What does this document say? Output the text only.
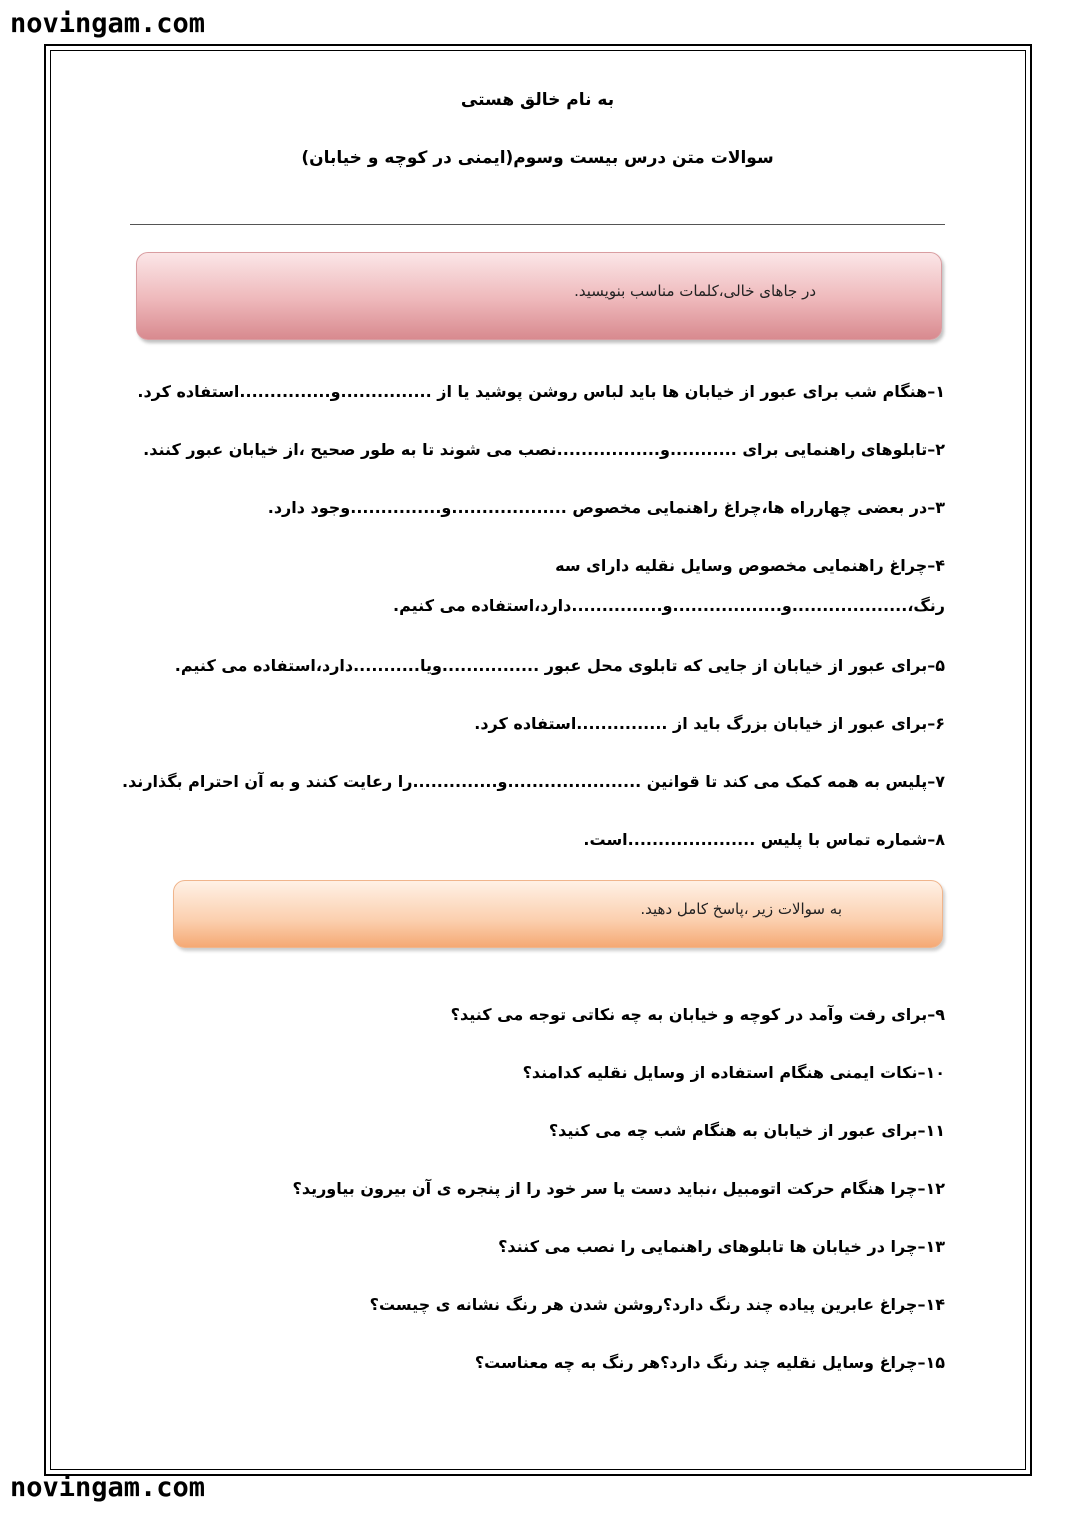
novingam.com
به نام خالق هستی
سوالات متن درس بیست وسوم(ایمنی در کوچه و خیابان)
در جاهای خالی،کلمات مناسب بنویسید.
۱–هنگام شب برای عبور از خیابان ها باید لباس روشن پوشید یا از ...............و...............استفاده کرد.
۲–تابلوهای راهنمایی برای ...........و.................نصب می شوند تا به طور صحیح ،از خیابان عبور کنند.
۳–در بعضی چهارراه ها،چراغ راهنمایی مخصوص ...................و...............وجود دارد.
۴–چراغ راهنمایی مخصوص وسایل نقلیه دارای سه رنگ،...................و..................و...............دارد،استفاده می کنیم.
۵–برای عبور از خیابان از جایی که تابلوی محل عبور ................ویا...........دارد،استفاده می کنیم.
۶–برای عبور از خیابان بزرگ باید از ...............استفاده کرد.
۷–پلیس به همه کمک می کند تا قوانین ......................و..............را رعایت کنند و به آن احترام بگذارند.
۸–شماره تماس با پلیس .....................است.
به سوالات زیر ،پاسخ کامل دهید.
۹–برای رفت وآمد در کوچه و خیابان به چه نکاتی توجه می کنید؟
۱۰–نکات ایمنی هنگام استفاده از وسایل نقلیه کدامند؟
۱۱–برای عبور از خیابان به هنگام شب چه می کنید؟
۱۲–چرا هنگام حرکت اتومبیل ،نباید دست یا سر خود را از پنجره ی آن بیرون بیاورید؟
۱۳–چرا در خیابان ها تابلوهای راهنمایی را نصب می کنند؟
۱۴–چراغ عابرین پیاده چند رنگ دارد؟روشن شدن هر رنگ نشانه ی چیست؟
۱۵–چراغ وسایل نقلیه چند رنگ دارد؟هر رنگ به چه معناست؟
novingam.com
